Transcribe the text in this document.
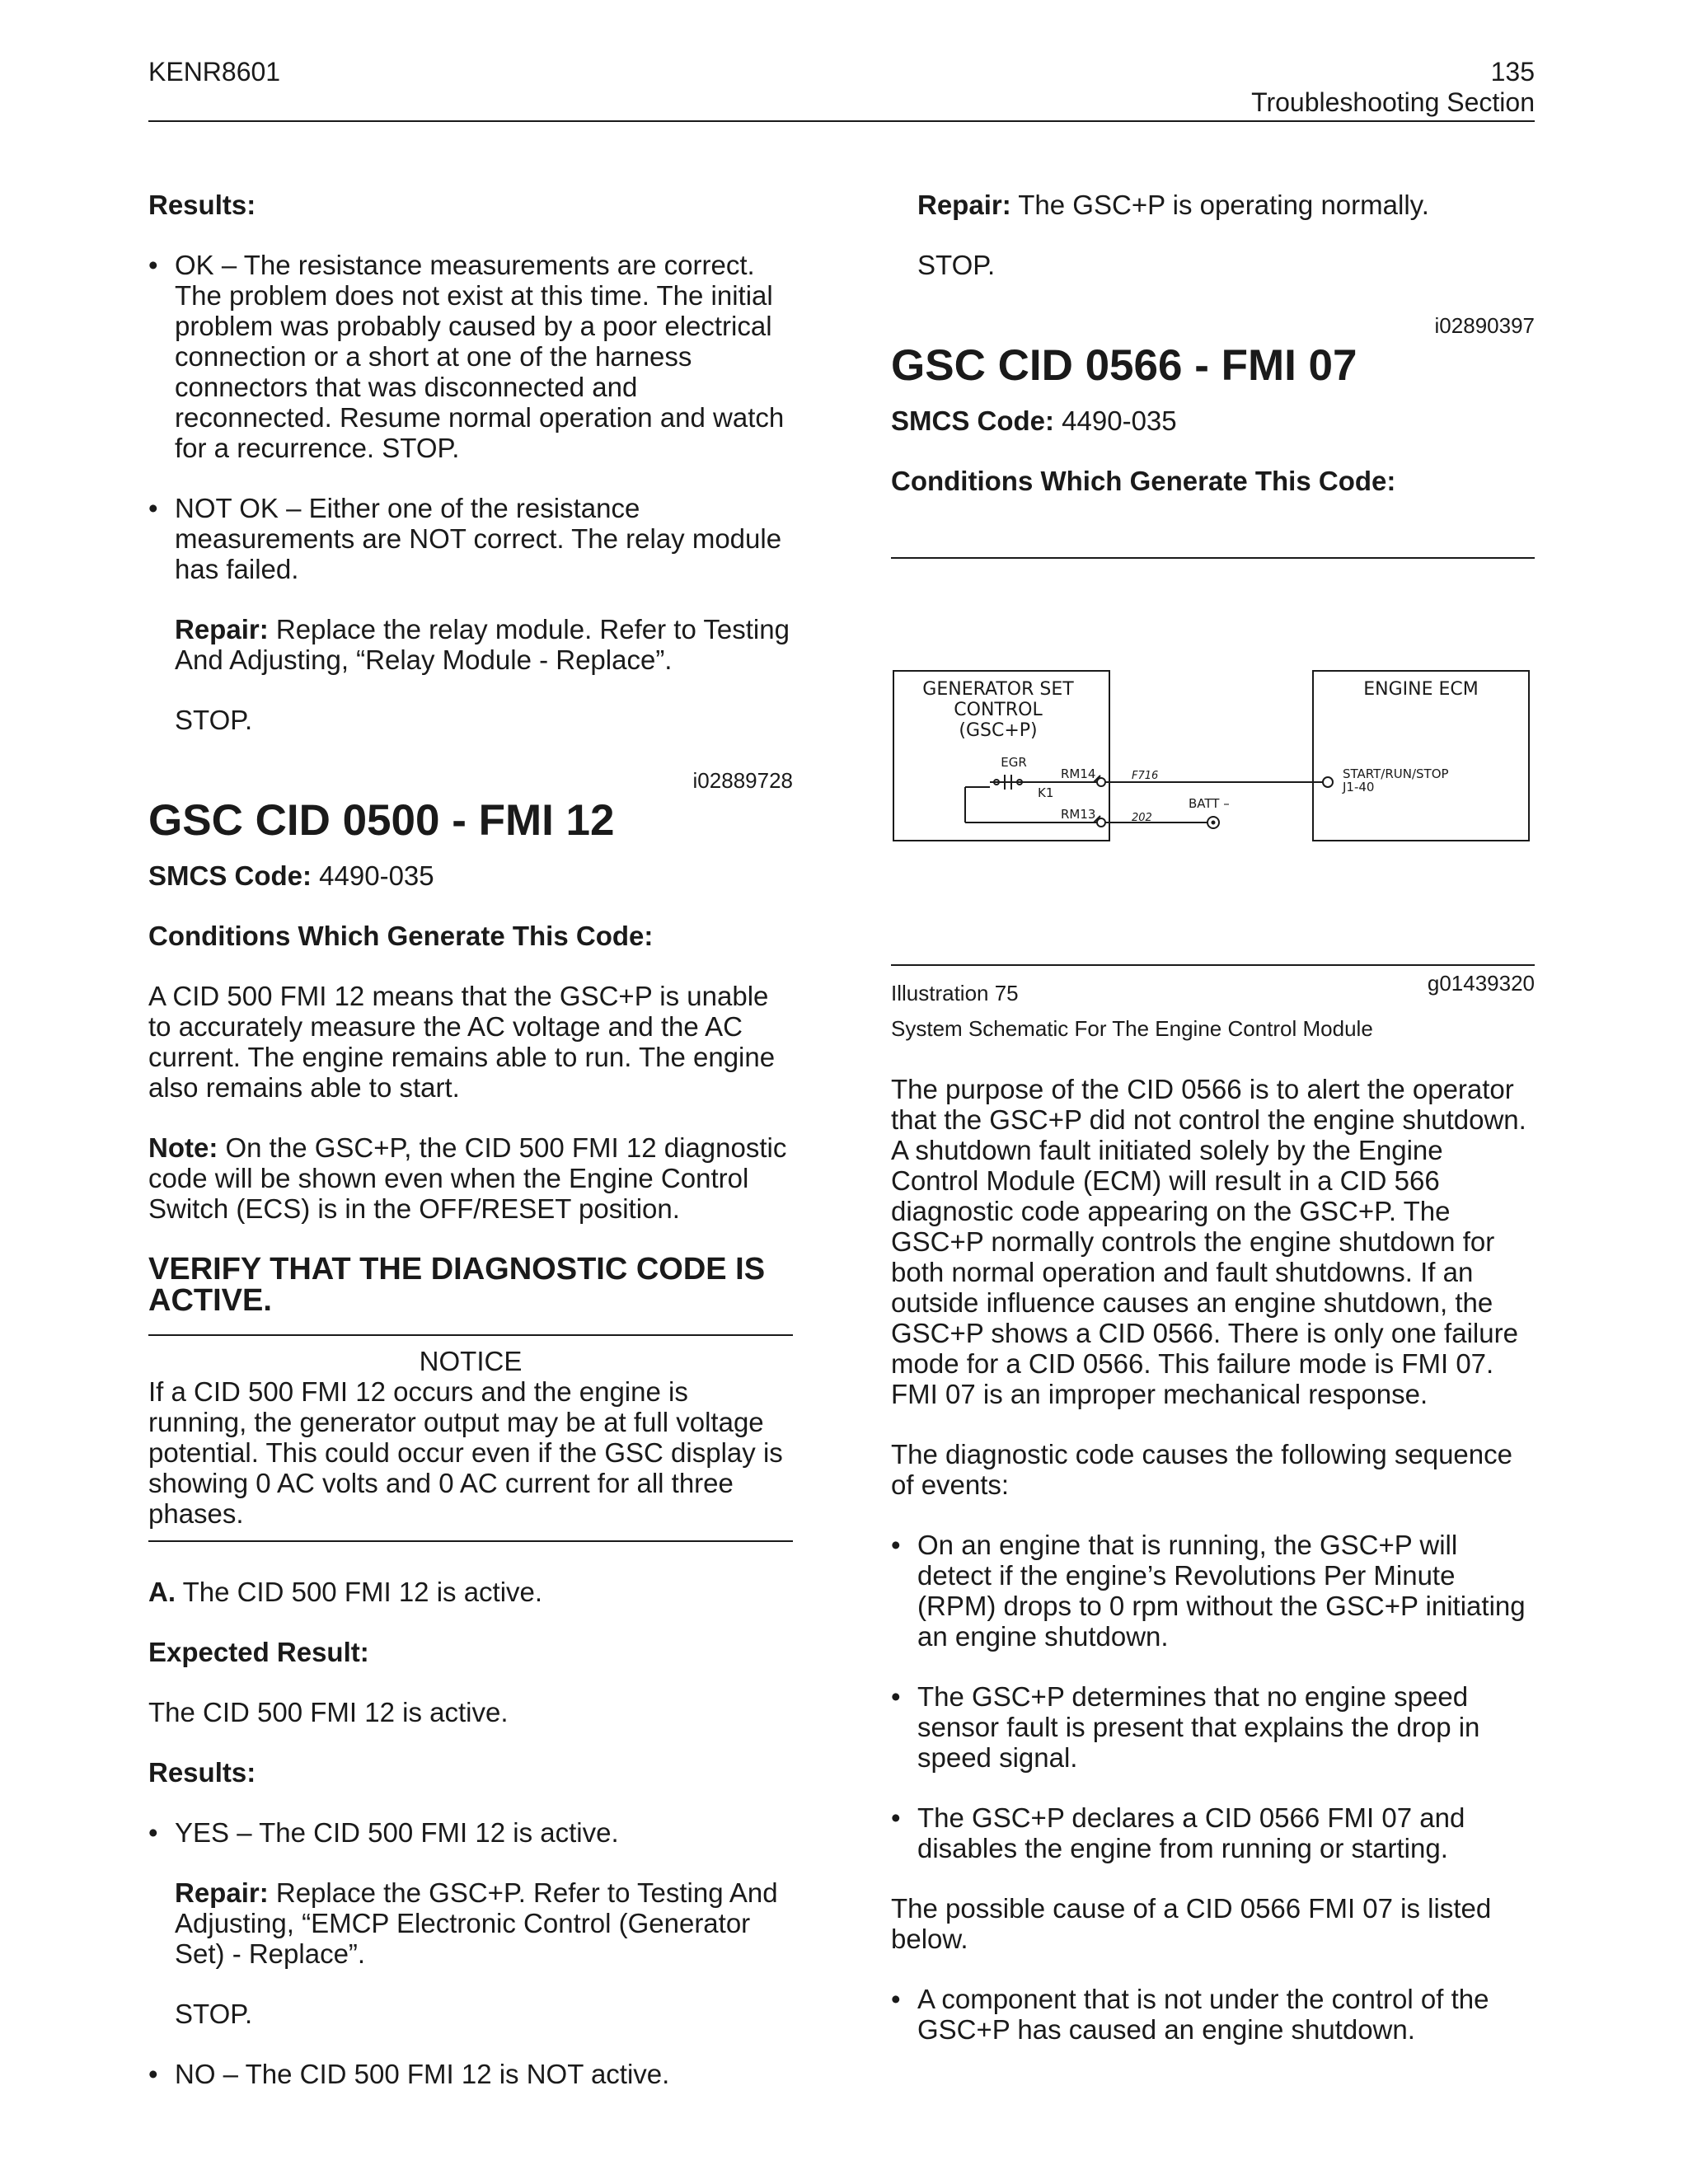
KENR8601	135
Troubleshooting Section

Results:

• OK – The resistance measurements are correct. The problem does not exist at this time. The initial problem was probably caused by a poor electrical connection or a short at one of the harness connectors that was disconnected and reconnected. Resume normal operation and watch for a recurrence. STOP.
• NOT OK – Either one of the resistance measurements are NOT correct. The relay module has failed.

Repair: Replace the relay module. Refer to Testing And Adjusting, “Relay Module - Replace”.

STOP.

i02889728

GSC CID 0500 - FMI 12

SMCS Code: 4490-035

Conditions Which Generate This Code:

A CID 500 FMI 12 means that the GSC+P is unable to accurately measure the AC voltage and the AC current. The engine remains able to run. The engine also remains able to start.

Note: On the GSC+P, the CID 500 FMI 12 diagnostic code will be shown even when the Engine Control Switch (ECS) is in the OFF/RESET position.

VERIFY THAT THE DIAGNOSTIC CODE IS ACTIVE.

NOTICE

If a CID 500 FMI 12 occurs and the engine is running, the generator output may be at full voltage potential. This could occur even if the GSC display is showing 0 AC volts and 0 AC current for all three phases.

A. The CID 500 FMI 12 is active.

Expected Result:

The CID 500 FMI 12 is active.

Results:

• YES – The CID 500 FMI 12 is active.

Repair: Replace the GSC+P. Refer to Testing And Adjusting, “EMCP Electronic Control (Generator Set) - Replace”.

STOP.

• NO – The CID 500 FMI 12 is NOT active.

Repair: The GSC+P is operating normally.

STOP.

i02890397

GSC CID 0566 - FMI 07

SMCS Code: 4490-035

Conditions Which Generate This Code:

GENERATOR SET
CONTROL
(GSC+P)
EGR
K1
RM14
RM13
F716
202
BATT –
ENGINE ECM
START/RUN/STOP
J1-40
Illustration 75	g01439320
System Schematic For The Engine Control Module

The purpose of the CID 0566 is to alert the operator that the GSC+P did not control the engine shutdown. A shutdown fault initiated solely by the Engine Control Module (ECM) will result in a CID 566 diagnostic code appearing on the GSC+P. The GSC+P normally controls the engine shutdown for both normal operation and fault shutdowns. If an outside influence causes an engine shutdown, the GSC+P shows a CID 0566. There is only one failure mode for a CID 0566. This failure mode is FMI 07. FMI 07 is an improper mechanical response.

The diagnostic code causes the following sequence of events:

• On an engine that is running, the GSC+P will detect if the engine’s Revolutions Per Minute (RPM) drops to 0 rpm without the GSC+P initiating an engine shutdown.
• The GSC+P determines that no engine speed sensor fault is present that explains the drop in speed signal.
• The GSC+P declares a CID 0566 FMI 07 and disables the engine from running or starting.

The possible cause of a CID 0566 FMI 07 is listed below.

• A component that is not under the control of the GSC+P has caused an engine shutdown.
